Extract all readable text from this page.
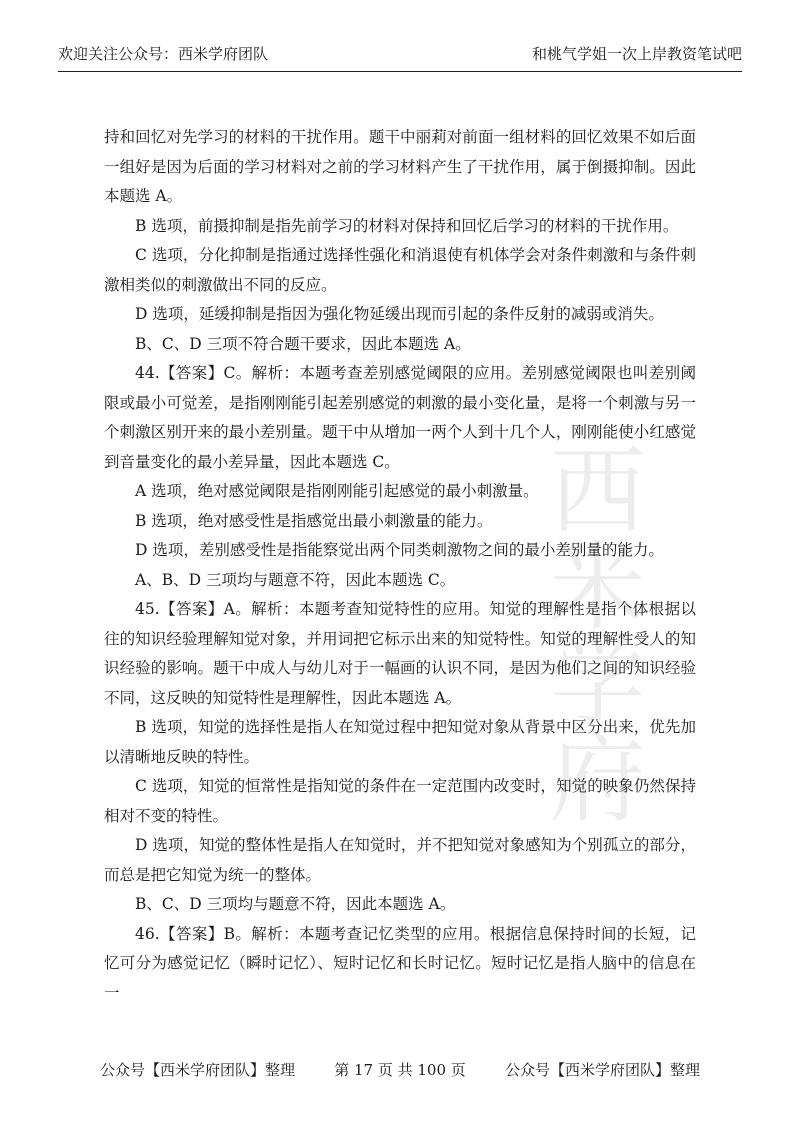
欢迎关注公众号：西米学府团队	和桃气学姐一次上岸教资笔试吧
西米学府

持和回忆对先学习的材料的干扰作用。题干中丽莉对前面一组材料的回忆效果不如后面一组好是因为后面的学习材料对之前的学习材料产生了干扰作用，属于倒摄抑制。因此本题选 A。

B 选项，前摄抑制是指先前学习的材料对保持和回忆后学习的材料的干扰作用。

C 选项，分化抑制是指通过选择性强化和消退使有机体学会对条件刺激和与条件刺激相类似的刺激做出不同的反应。

D 选项，延缓抑制是指因为强化物延缓出现而引起的条件反射的减弱或消失。

B、C、D 三项不符合题干要求，因此本题选 A。

44.【答案】C。解析：本题考查差别感觉阈限的应用。差别感觉阈限也叫差别阈限或最小可觉差，是指刚刚能引起差别感觉的刺激的最小变化量，是将一个刺激与另一个刺激区别开来的最小差别量。题干中从增加一两个人到十几个人，刚刚能使小红感觉到音量变化的最小差异量，因此本题选 C。

A 选项，绝对感觉阈限是指刚刚能引起感觉的最小刺激量。

B 选项，绝对感受性是指感觉出最小刺激量的能力。

D 选项，差别感受性是指能察觉出两个同类刺激物之间的最小差别量的能力。

A、B、D 三项均与题意不符，因此本题选 C。

45.【答案】A。解析：本题考查知觉特性的应用。知觉的理解性是指个体根据以往的知识经验理解知觉对象，并用词把它标示出来的知觉特性。知觉的理解性受人的知识经验的影响。题干中成人与幼儿对于一幅画的认识不同，是因为他们之间的知识经验不同，这反映的知觉特性是理解性，因此本题选 A。

B 选项，知觉的选择性是指人在知觉过程中把知觉对象从背景中区分出来，优先加以清晰地反映的特性。

C 选项，知觉的恒常性是指知觉的条件在一定范围内改变时，知觉的映象仍然保持相对不变的特性。

D 选项，知觉的整体性是指人在知觉时，并不把知觉对象感知为个别孤立的部分，而总是把它知觉为统一的整体。

B、C、D 三项均与题意不符，因此本题选 A。

46.【答案】B。解析：本题考查记忆类型的应用。根据信息保持时间的长短，记忆可分为感觉记忆（瞬时记忆）、短时记忆和长时记忆。短时记忆是指人脑中的信息在一

公众号【西米学府团队】整理	第 17 页 共 100 页	公众号【西米学府团队】整理
